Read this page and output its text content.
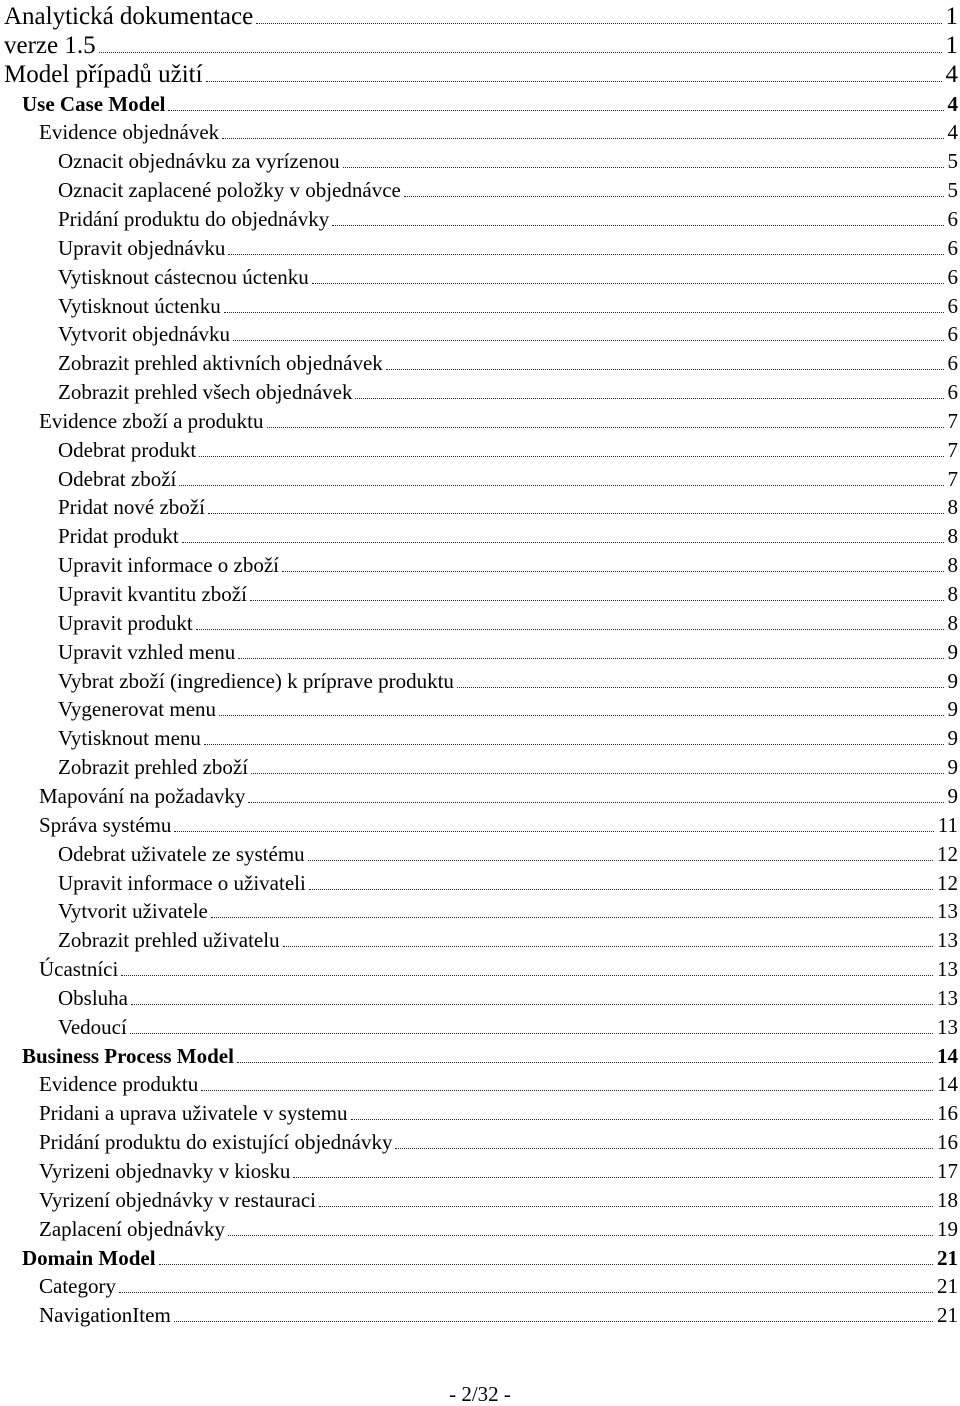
Analytická dokumentace	1
verze 1.5	1
Model případů užití	4
Use Case Model	4
Evidence objednávek	4
Oznacit objednávku za vyrízenou	5
Oznacit zaplacené položky v objednávce	5
Pridání produktu do objednávky	6
Upravit objednávku	6
Vytisknout cástecnou úctenku	6
Vytisknout úctenku	6
Vytvorit objednávku	6
Zobrazit prehled aktivních objednávek	6
Zobrazit prehled všech objednávek	6
Evidence zboží a produktu	7
Odebrat produkt	7
Odebrat zboží	7
Pridat nové zboží	8
Pridat produkt	8
Upravit informace o zboží	8
Upravit kvantitu zboží	8
Upravit produkt	8
Upravit vzhled menu	9
Vybrat zboží (ingredience) k príprave produktu	9
Vygenerovat menu	9
Vytisknout menu	9
Zobrazit prehled zboží	9
Mapování na požadavky	9
Správa systému	11
Odebrat uživatele ze systému	12
Upravit informace o uživateli	12
Vytvorit uživatele	13
Zobrazit prehled uživatelu	13
Úcastníci	13
Obsluha	13
Vedoucí	13
Business Process Model	14
Evidence produktu	14
Pridani a uprava uživatele v systemu	16
Pridání produktu do existující objednávky	16
Vyrizeni objednavky v kiosku	17
Vyrizení objednávky v restauraci	18
Zaplacení objednávky	19
Domain Model	21
Category	21
NavigationItem	21
- 2/32 -
